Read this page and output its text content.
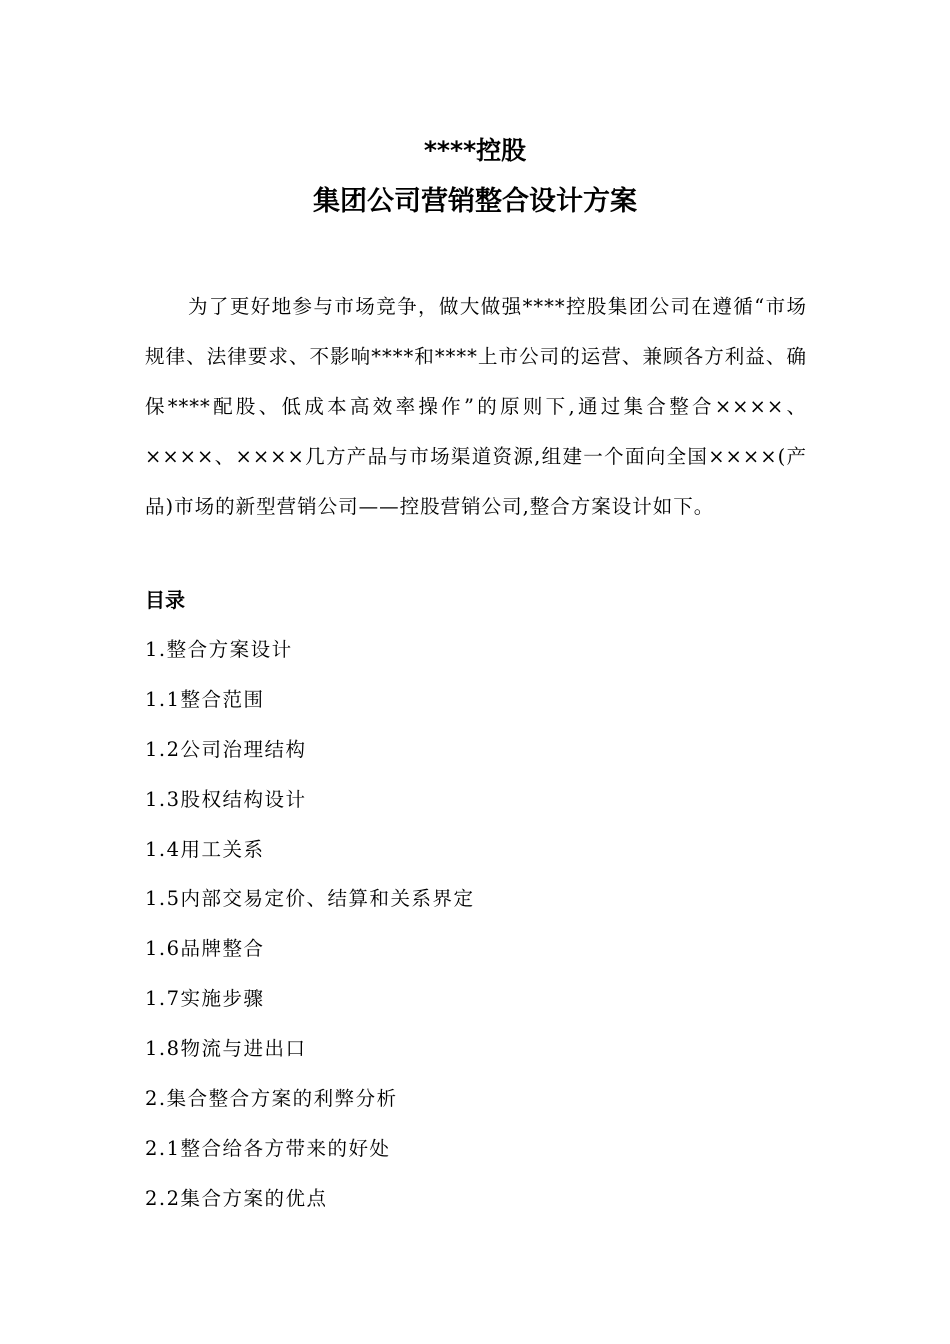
****控股
集团公司营销整合设计方案

为了更好地参与市场竞争，做大做强****控股集团公司在遵循“市场规律、法律要求、不影响****和****上市公司的运营、兼顾各方利益、确保****配股、低成本高效率操作”的原则下,通过集合整合××××、××××、××××几方产品与市场渠道资源,组建一个面向全国××××(产品)市场的新型营销公司——控股营销公司,整合方案设计如下。

目录
1.整合方案设计
1.1整合范围
1.2公司治理结构
1.3股权结构设计
1.4用工关系
1.5内部交易定价、结算和关系界定
1.6品牌整合
1.7实施步骤
1.8物流与进出口
2.集合整合方案的利弊分析
2.1整合给各方带来的好处
2.2集合方案的优点
